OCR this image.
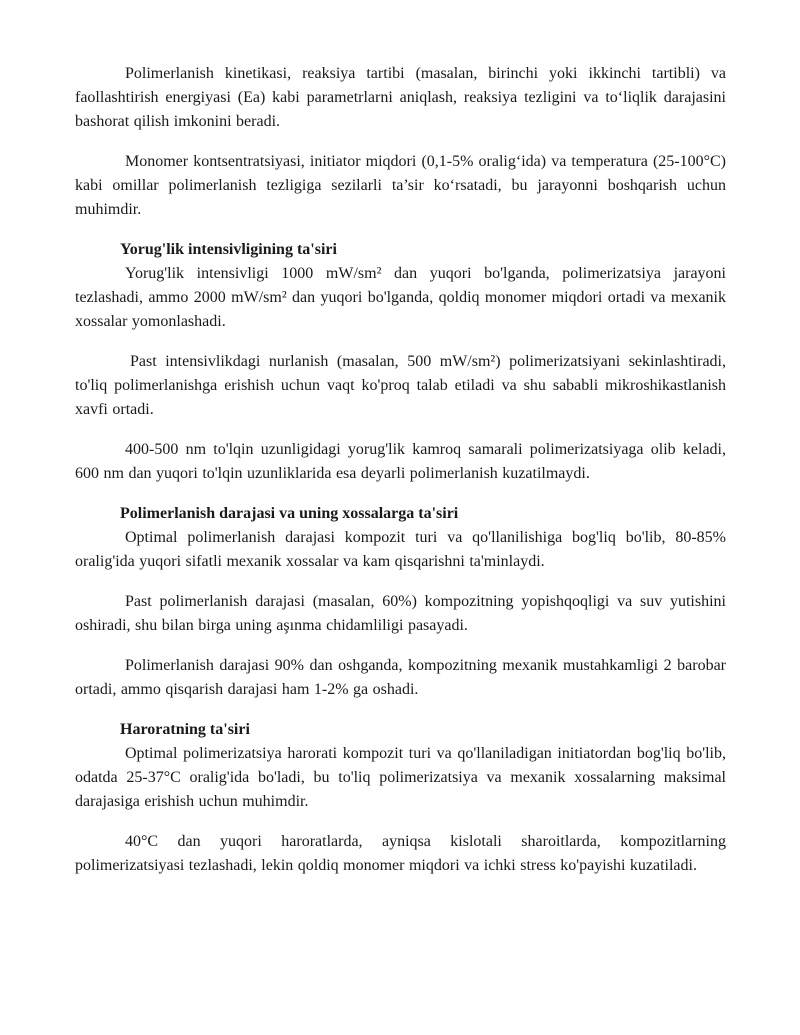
Polimerlanish kinetikasi, reaksiya tartibi (masalan, birinchi yoki ikkinchi tartibli) va faollashtirish energiyasi (Ea) kabi parametrlarni aniqlash, reaksiya tezligini va to‘liqlik darajasini bashorat qilish imkonini beradi.

Monomer kontsentratsiyasi, initiator miqdori (0,1-5% oralig‘ida) va temperatura (25-100°C) kabi omillar polimerlanish tezligiga sezilarli ta’sir ko‘rsatadi, bu jarayonni boshqarish uchun muhimdir.

Yorug'lik intensivligining ta'siri

Yorug'lik intensivligi 1000 mW/sm² dan yuqori bo'lganda, polimerizatsiya jarayoni tezlashadi, ammo 2000 mW/sm² dan yuqori bo'lganda, qoldiq monomer miqdori ortadi va mexanik xossalar yomonlashadi.

Past intensivlikdagi nurlanish (masalan, 500 mW/sm²) polimerizatsiyani sekinlashtiradi, to'liq polimerlanishga erishish uchun vaqt ko'proq talab etiladi va shu sababli mikroshikastlanish xavfi ortadi.

400-500 nm to'lqin uzunligidagi yorug'lik kamroq samarali polimerizatsiyaga olib keladi, 600 nm dan yuqori to'lqin uzunliklarida esa deyarli polimerlanish kuzatilmaydi.

Polimerlanish darajasi va uning xossalarga ta'siri

Optimal polimerlanish darajasi kompozit turi va qo'llanilishiga bog'liq bo'lib, 80-85% oralig'ida yuqori sifatli mexanik xossalar va kam qisqarishni ta'minlaydi.

Past polimerlanish darajasi (masalan, 60%) kompozitning yopishqoqligi va suv yutishini oshiradi, shu bilan birga uning aşınma chidamliligi pasayadi.

Polimerlanish darajasi 90% dan oshganda, kompozitning mexanik mustahkamligi 2 barobar ortadi, ammo qisqarish darajasi ham 1-2% ga oshadi.

Haroratning ta'siri

Optimal polimerizatsiya harorati kompozit turi va qo'llaniladigan initiatordan bog'liq bo'lib, odatda 25-37°C oralig'ida bo'ladi, bu to'liq polimerizatsiya va mexanik xossalarning maksimal darajasiga erishish uchun muhimdir.

40°C dan yuqori haroratlarda, ayniqsa kislotali sharoitlarda, kompozitlarning polimerizatsiyasi tezlashadi, lekin qoldiq monomer miqdori va ichki stress ko'payishi kuzatiladi.
